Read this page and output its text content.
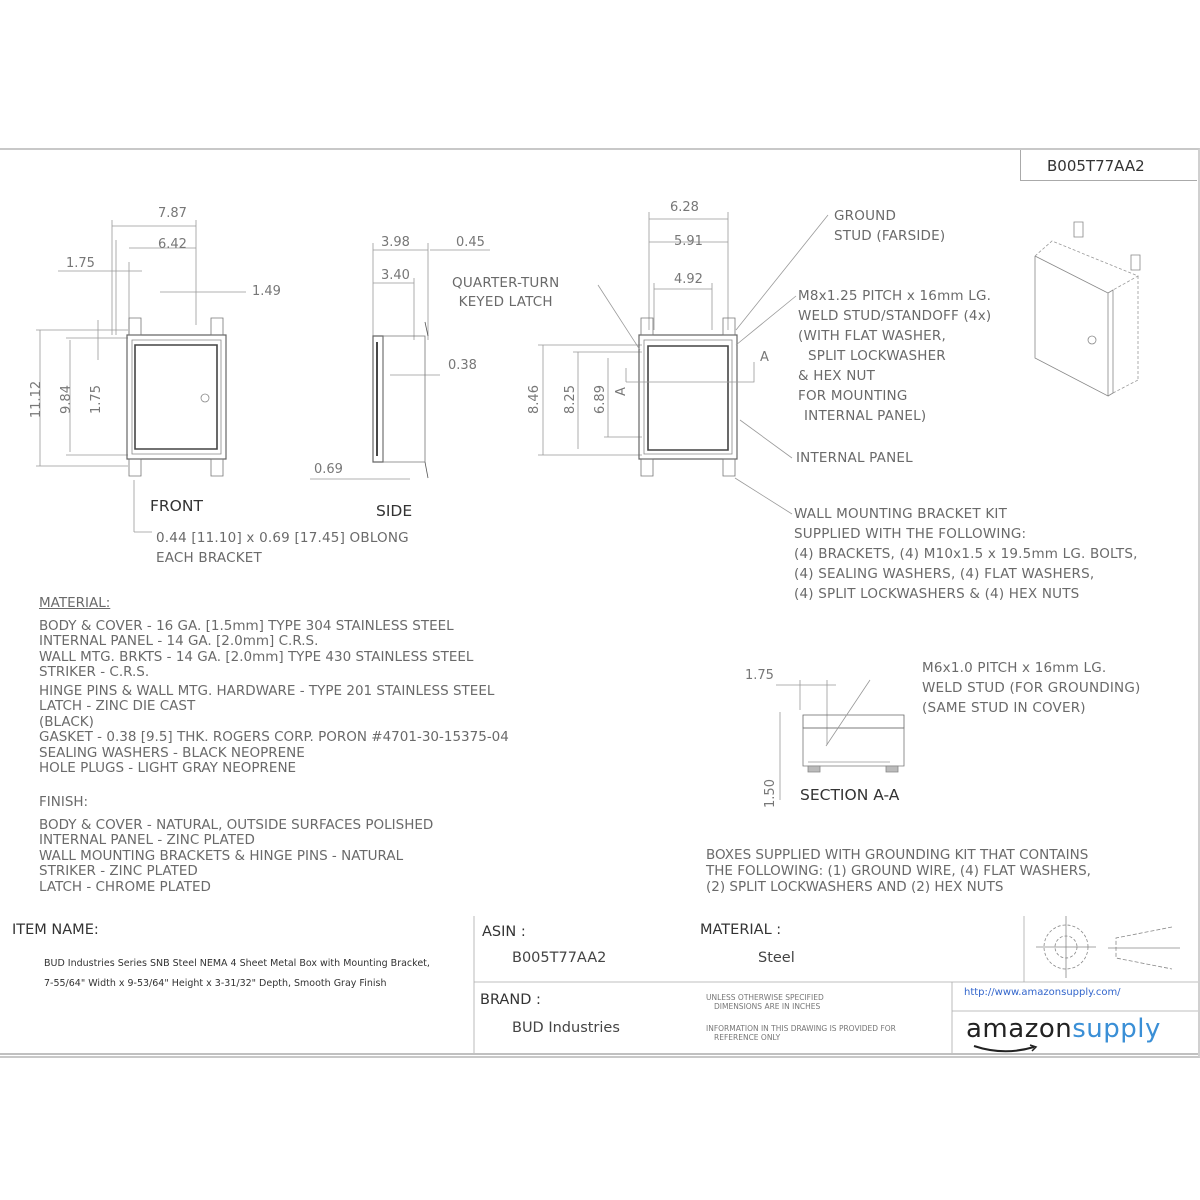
B005T77AA2
7.87
6.42
1.75
1.49
11.12 9.84 1.75
FRONT
0.44 [11.10] x 0.69 [17.45] OBLONG
EACH BRACKET
3.98
3.40
0.45
0.38
0.69
SIDE
6.28
5.91
4.92
8.46 8.25 6.89 A
A
QUARTER-TURN
KEYED LATCH
GROUND
STUD (FARSIDE)
M8x1.25 PITCH x 16mm LG.
WELD STUD/STANDOFF (4x)
(WITH FLAT WASHER,
SPLIT LOCKWASHER
& HEX NUT
FOR MOUNTING
INTERNAL PANEL)
INTERNAL PANEL
WALL MOUNTING BRACKET KIT
SUPPLIED WITH THE FOLLOWING:
(4) BRACKETS, (4) M10x1.5 x 19.5mm LG. BOLTS,
(4) SEALING WASHERS, (4) FLAT WASHERS,
(4) SPLIT LOCKWASHERS & (4) HEX NUTS
1.75
1.50 SECTION A-A
M6x1.0 PITCH x 16mm LG.
WELD STUD (FOR GROUNDING)
(SAME STUD IN COVER)
BOXES SUPPLIED WITH GROUNDING KIT THAT CONTAINS
THE FOLLOWING: (1) GROUND WIRE, (4) FLAT WASHERS,
(2) SPLIT LOCKWASHERS AND (2) HEX NUTS
MATERIAL:
BODY & COVER - 16 GA. [1.5mm] TYPE 304 STAINLESS STEEL
INTERNAL PANEL - 14 GA. [2.0mm] C.R.S.
WALL MTG. BRKTS - 14 GA. [2.0mm] TYPE 430 STAINLESS STEEL
STRIKER - C.R.S.
HINGE PINS & WALL MTG. HARDWARE - TYPE 201 STAINLESS STEEL
LATCH - ZINC DIE CAST
(BLACK)
GASKET - 0.38 [9.5] THK. ROGERS CORP. PORON #4701-30-15375-04
SEALING WASHERS - BLACK NEOPRENE
HOLE PLUGS - LIGHT GRAY NEOPRENE
FINISH:
BODY & COVER - NATURAL, OUTSIDE SURFACES POLISHED
INTERNAL PANEL - ZINC PLATED
WALL MOUNTING BRACKETS & HINGE PINS - NATURAL
STRIKER - ZINC PLATED
LATCH - CHROME PLATED
ITEM NAME:
BUD Industries Series SNB Steel NEMA 4 Sheet Metal Box with Mounting Bracket,
7-55/64" Width x 9-53/64" Height x 3-31/32" Depth, Smooth Gray Finish
ASIN :
B005T77AA2
MATERIAL :
Steel
BRAND :
BUD Industries
UNLESS OTHERWISE SPECIFIED
DIMENSIONS ARE IN INCHES
INFORMATION IN THIS DRAWING IS PROVIDED FOR
REFERENCE ONLY
http://www.amazonsupply.com/
amazonsupply
